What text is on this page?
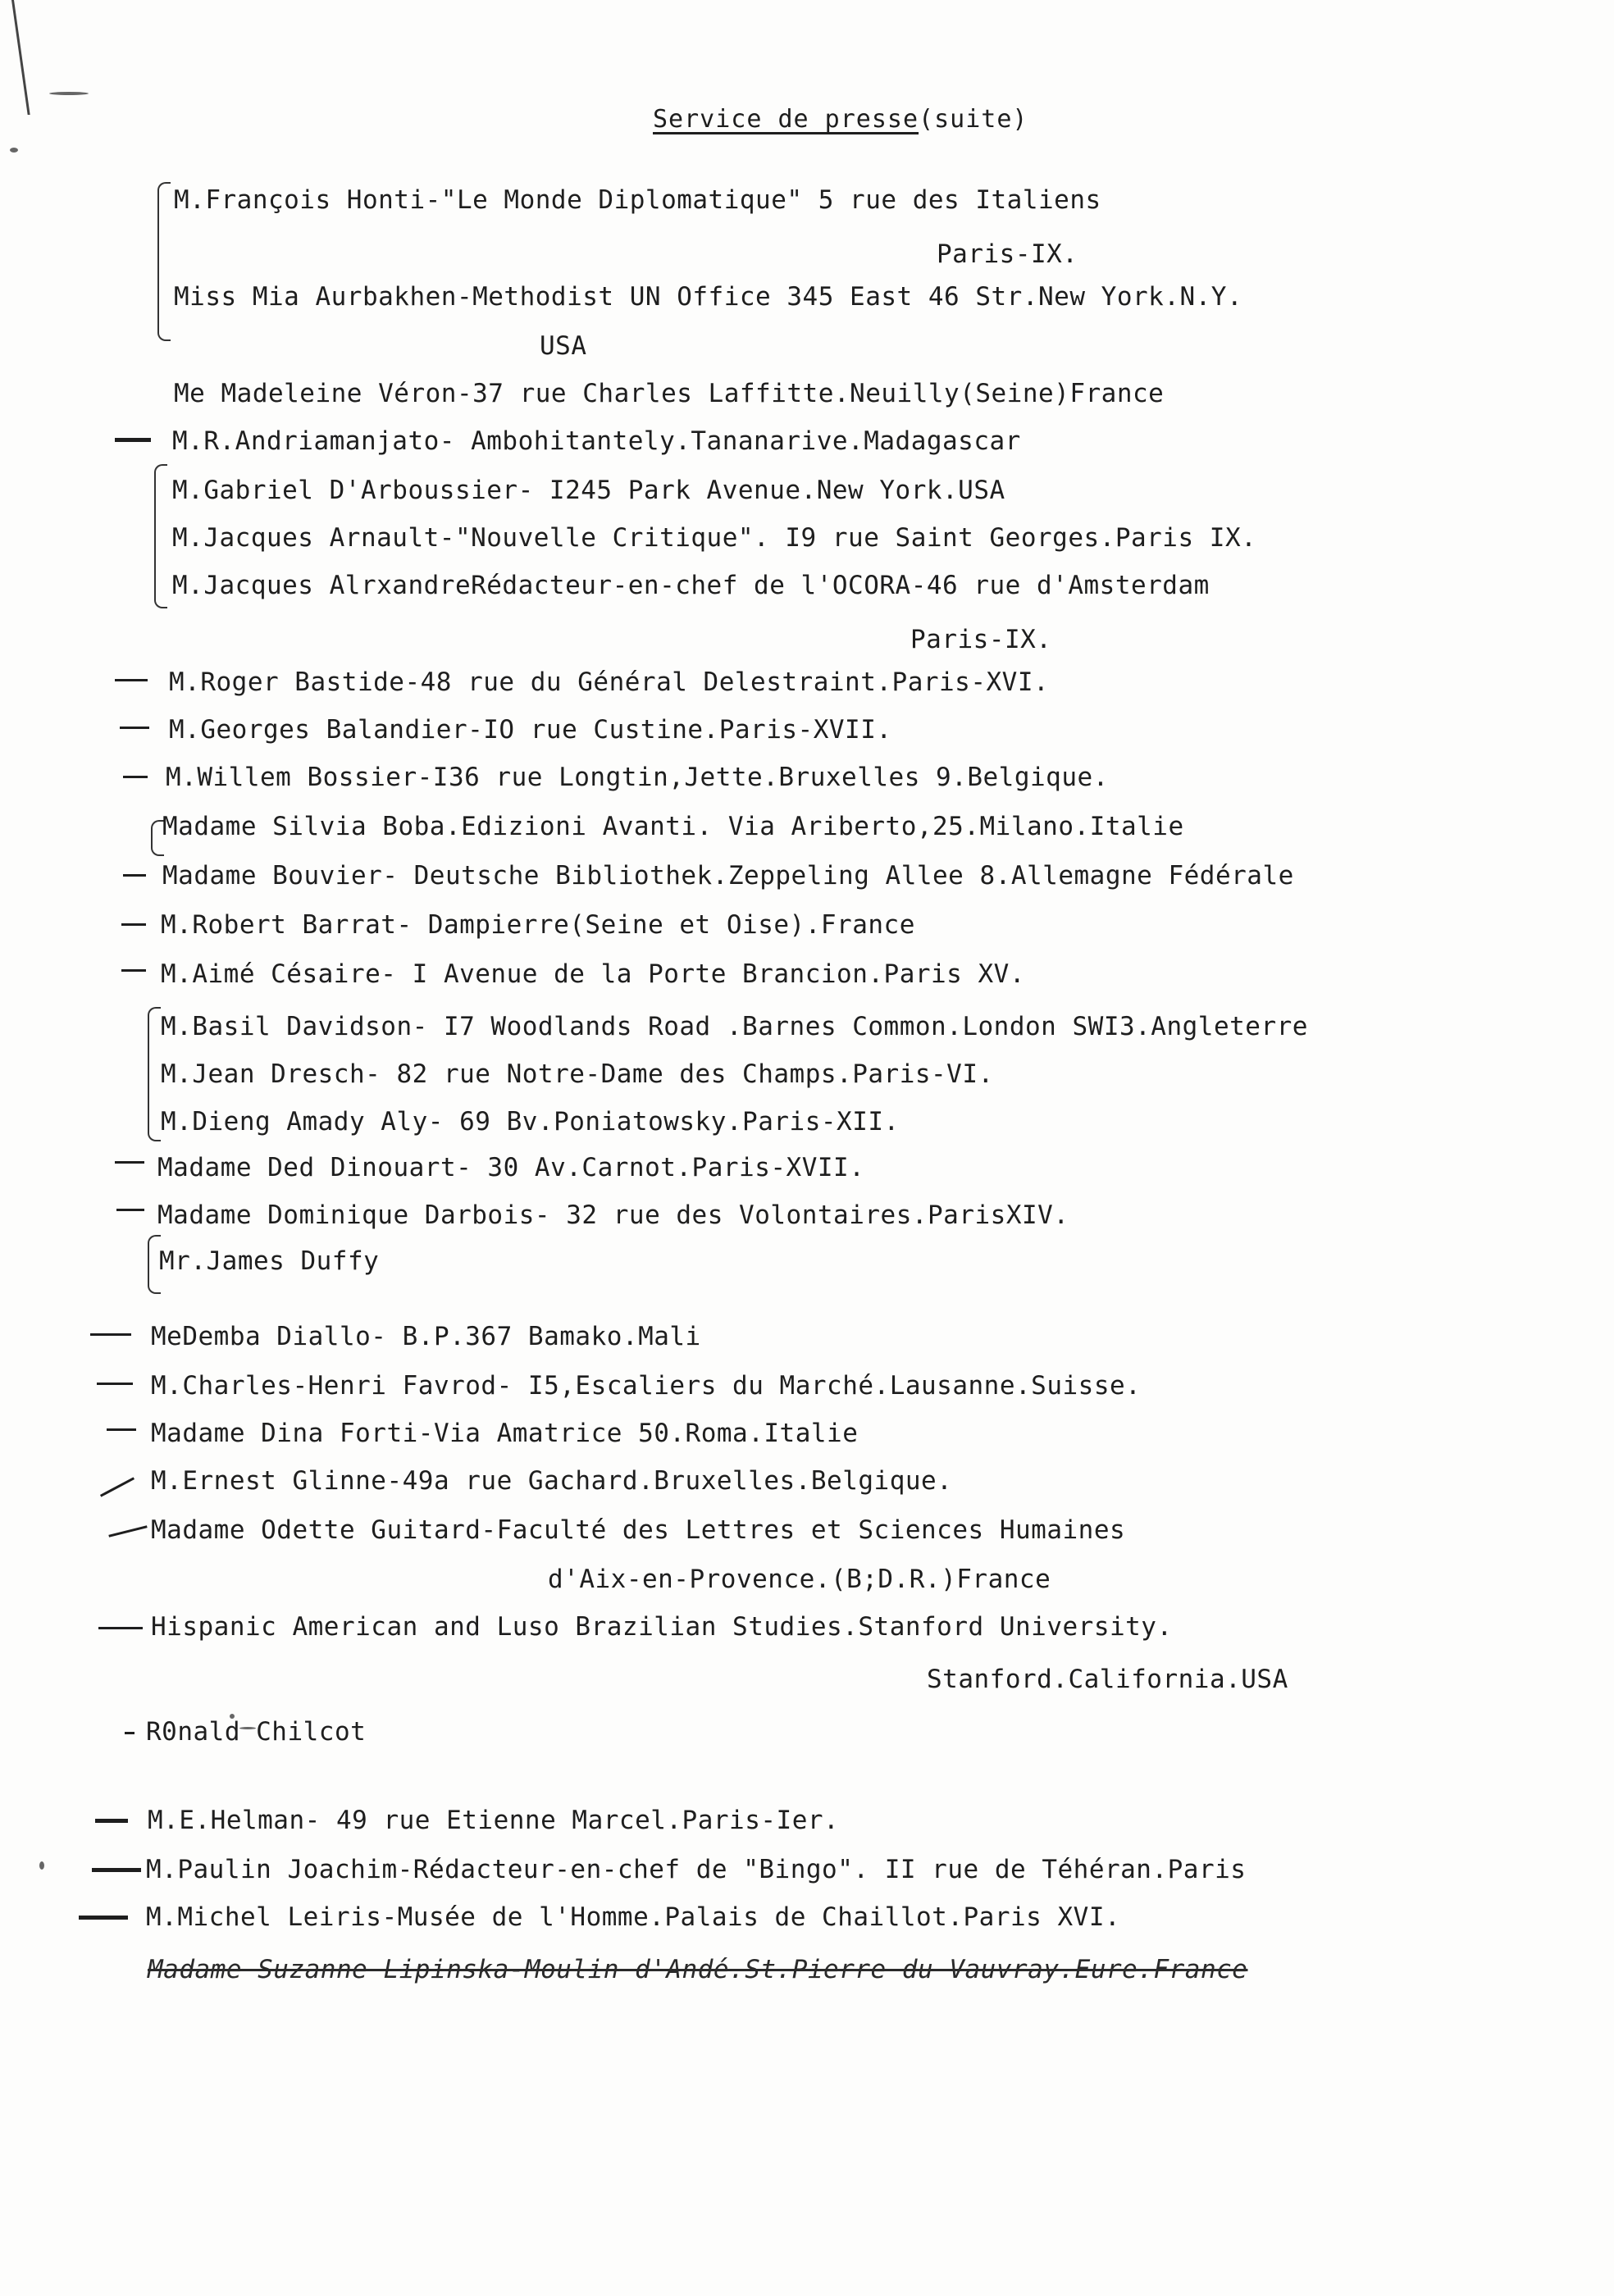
Service de presse(suite)
M.François Honti-"Le Monde Diplomatique" 5 rue des Italiens
Paris-IX.
Miss Mia Aurbakhen-Methodist UN Office 345 East 46 Str.New York.N.Y.
USA
Me Madeleine Véron-37 rue Charles Laffitte.Neuilly(Seine)France
M.R.Andriamanjato- Ambohitantely.Tananarive.Madagascar
M.Gabriel D'Arboussier- I245 Park Avenue.New York.USA
M.Jacques Arnault-"Nouvelle Critique". I9 rue Saint Georges.Paris IX.
M.Jacques AlrxandreRédacteur-en-chef de l'OCORA-46 rue d'Amsterdam
Paris-IX.
M.Roger Bastide-48 rue du Général Delestraint.Paris-XVI.
M.Georges Balandier-IO rue Custine.Paris-XVII.
M.Willem Bossier-I36 rue Longtin,Jette.Bruxelles 9.Belgique.
Madame Silvia Boba.Edizioni Avanti. Via Ariberto,25.Milano.Italie
Madame Bouvier- Deutsche Bibliothek.Zeppeling Allee 8.Allemagne Fédérale
M.Robert Barrat- Dampierre(Seine et Oise).France
M.Aimé Césaire- I Avenue de la Porte Brancion.Paris XV.
M.Basil Davidson- I7 Woodlands Road .Barnes Common.London SWI3.Angleterre
M.Jean Dresch- 82 rue Notre-Dame des Champs.Paris-VI.
M.Dieng Amady Aly- 69 Bv.Poniatowsky.Paris-XII.
Madame Ded Dinouart- 30 Av.Carnot.Paris-XVII.
Madame Dominique Darbois- 32 rue des Volontaires.ParisXIV.
Mr.James Duffy
MeDemba Diallo- B.P.367 Bamako.Mali
M.Charles-Henri Favrod- I5,Escaliers du Marché.Lausanne.Suisse.
Madame Dina Forti-Via Amatrice 50.Roma.Italie
M.Ernest Glinne-49a rue Gachard.Bruxelles.Belgique.
Madame Odette Guitard-Faculté des Lettres et Sciences Humaines
d'Aix-en-Provence.(B;D.R.)France
Hispanic American and Luso Brazilian Studies.Stanford University.
Stanford.California.USA
R0nald Chilcot
M.E.Helman- 49 rue Etienne Marcel.Paris-Ier.
M.Paulin Joachim-Rédacteur-en-chef de "Bingo". II rue de Téhéran.Paris
M.Michel Leiris-Musée de l'Homme.Palais de Chaillot.Paris XVI.
Madame Suzanne Lipinska-Moulin d'Andé.St.Pierre du Vauvray.Eure.France
